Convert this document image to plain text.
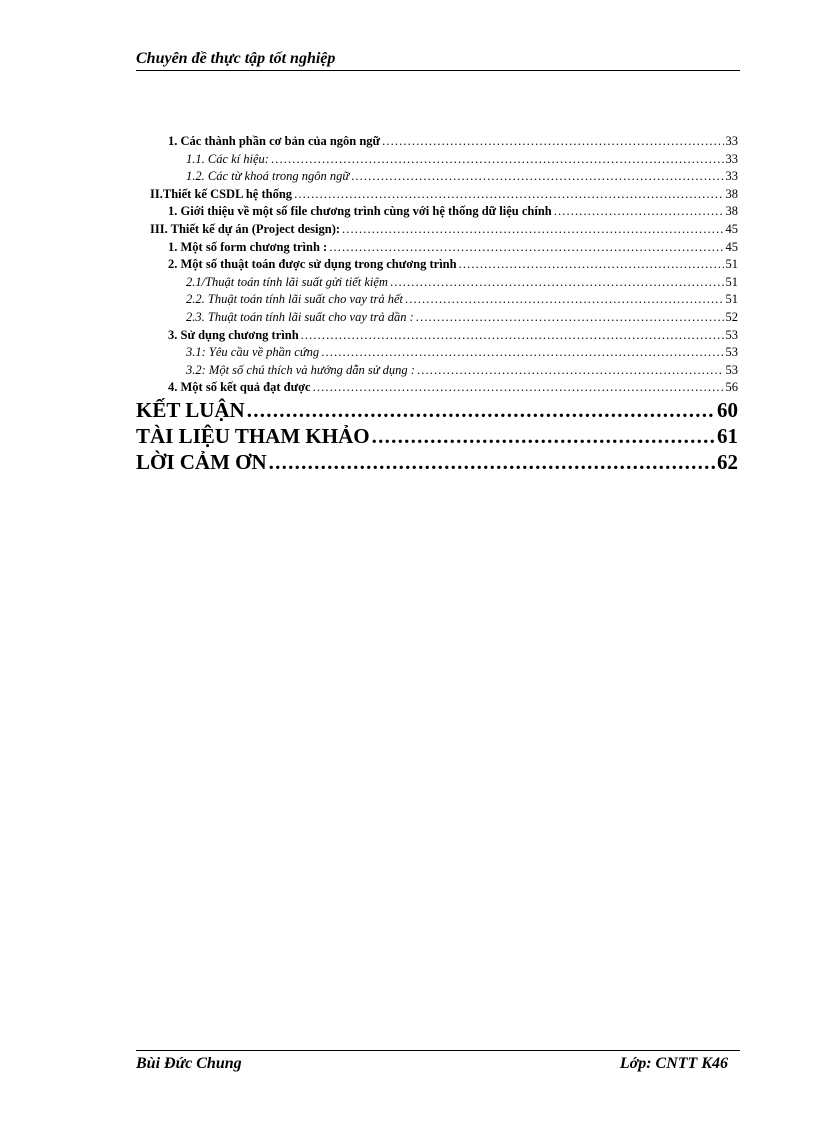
Chuyên đề thực tập tốt nghiệp
1. Các thành phần cơ bản của ngôn ngữ . . .	33
1.1. Các kí hiệu: . . .	33
1.2. Các từ khoá trong ngôn ngữ . . .	33
II.Thiết kế CSDL hệ thống . . .	38
1. Giới thiệu về một số file chương trình cùng với hệ thống dữ liệu chính . . .	38
III. Thiết kế dự án (Project design): . . .	45
1. Một số form chương trình : . . .	45
2. Một số thuật toán được sử dụng trong chương trình . . .	51
2.1/Thuật toán tính lãi suất gửi tiết kiệm . . .	51
2.2. Thuật toán tính lãi suất cho vay trả hết . . .	51
2.3. Thuật toán tính lãi suất cho vay trả dần : . . .	52
3. Sử dụng chương trình . . .	53
3.1: Yêu cầu về phần cứng . . .	53
3.2: Một số chú thích và hướng dẫn sử dụng : . . .	53
4. Một số kết quả đạt được . . .	56
KẾT LUẬN . . .	60
TÀI LIỆU THAM KHẢO . . .	61
LỜI CẢM ƠN . . .	62
Bùi Đức Chung	Lớp: CNTT K46
